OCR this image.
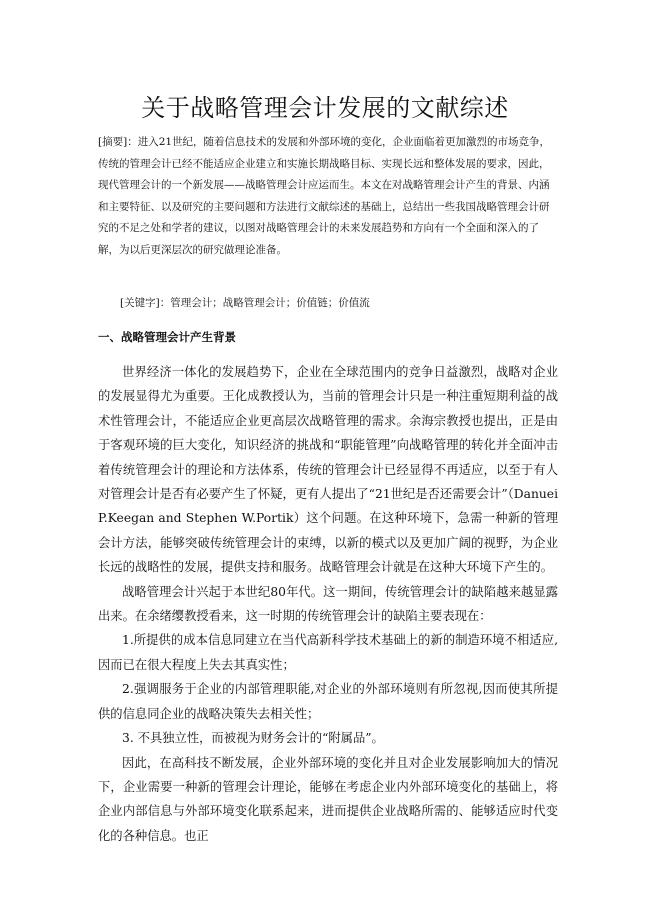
关于战略管理会计发展的文献综述

[摘要]：进入21世纪，随着信息技术的发展和外部环境的变化，企业面临着更加激烈的市场竞争，传统的管理会计已经不能适应企业建立和实施长期战略目标、实现长远和整体发展的要求，因此，现代管理会计的一个新发展——战略管理会计应运而生。本文在对战略管理会计产生的背景、内涵和主要特征、以及研究的主要问题和方法进行文献综述的基础上，总结出一些我国战略管理会计研究的不足之处和学者的建议，以图对战略管理会计的未来发展趋势和方向有一个全面和深入的了解，为以后更深层次的研究做理论准备。

[关键字]：管理会计；战略管理会计；价值链；价值流

一、战略管理会计产生背景

世界经济一体化的发展趋势下，企业在全球范围内的竞争日益激烈，战略对企业的发展显得尤为重要。王化成教授认为，当前的管理会计只是一种注重短期利益的战术性管理会计，不能适应企业更高层次战略管理的需求。余海宗教授也提出，正是由于客观环境的巨大变化，知识经济的挑战和“职能管理”向战略管理的转化并全面冲击着传统管理会计的理论和方法体系，传统的管理会计已经显得不再适应，以至于有人对管理会计是否有必要产生了怀疑，更有人提出了“21世纪是否还需要会计”（Danuei P.Keegan and Stephen W.Portik）这个问题。在这种环境下，急需一种新的管理会计方法，能够突破传统管理会计的束缚，以新的模式以及更加广阔的视野，为企业长远的战略性的发展，提供支持和服务。战略管理会计就是在这种大环境下产生的。

战略管理会计兴起于本世纪80年代。这一期间，传统管理会计的缺陷越来越显露出来。在余绪缨教授看来，这一时期的传统管理会计的缺陷主要表现在：

1.所提供的成本信息同建立在当代高新科学技术基础上的新的制造环境不相适应,因而已在很大程度上失去其真实性；

2.强调服务于企业的内部管理职能,对企业的外部环境则有所忽视,因而使其所提供的信息同企业的战略决策失去相关性；

3. 不具独立性，而被视为财务会计的“附属品”。

因此，在高科技不断发展，企业外部环境的变化并且对企业发展影响加大的情况下，企业需要一种新的管理会计理论，能够在考虑企业内外部环境变化的基础上，将企业内部信息与外部环境变化联系起来，进而提供企业战略所需的、能够适应时代变化的各种信息。也正
